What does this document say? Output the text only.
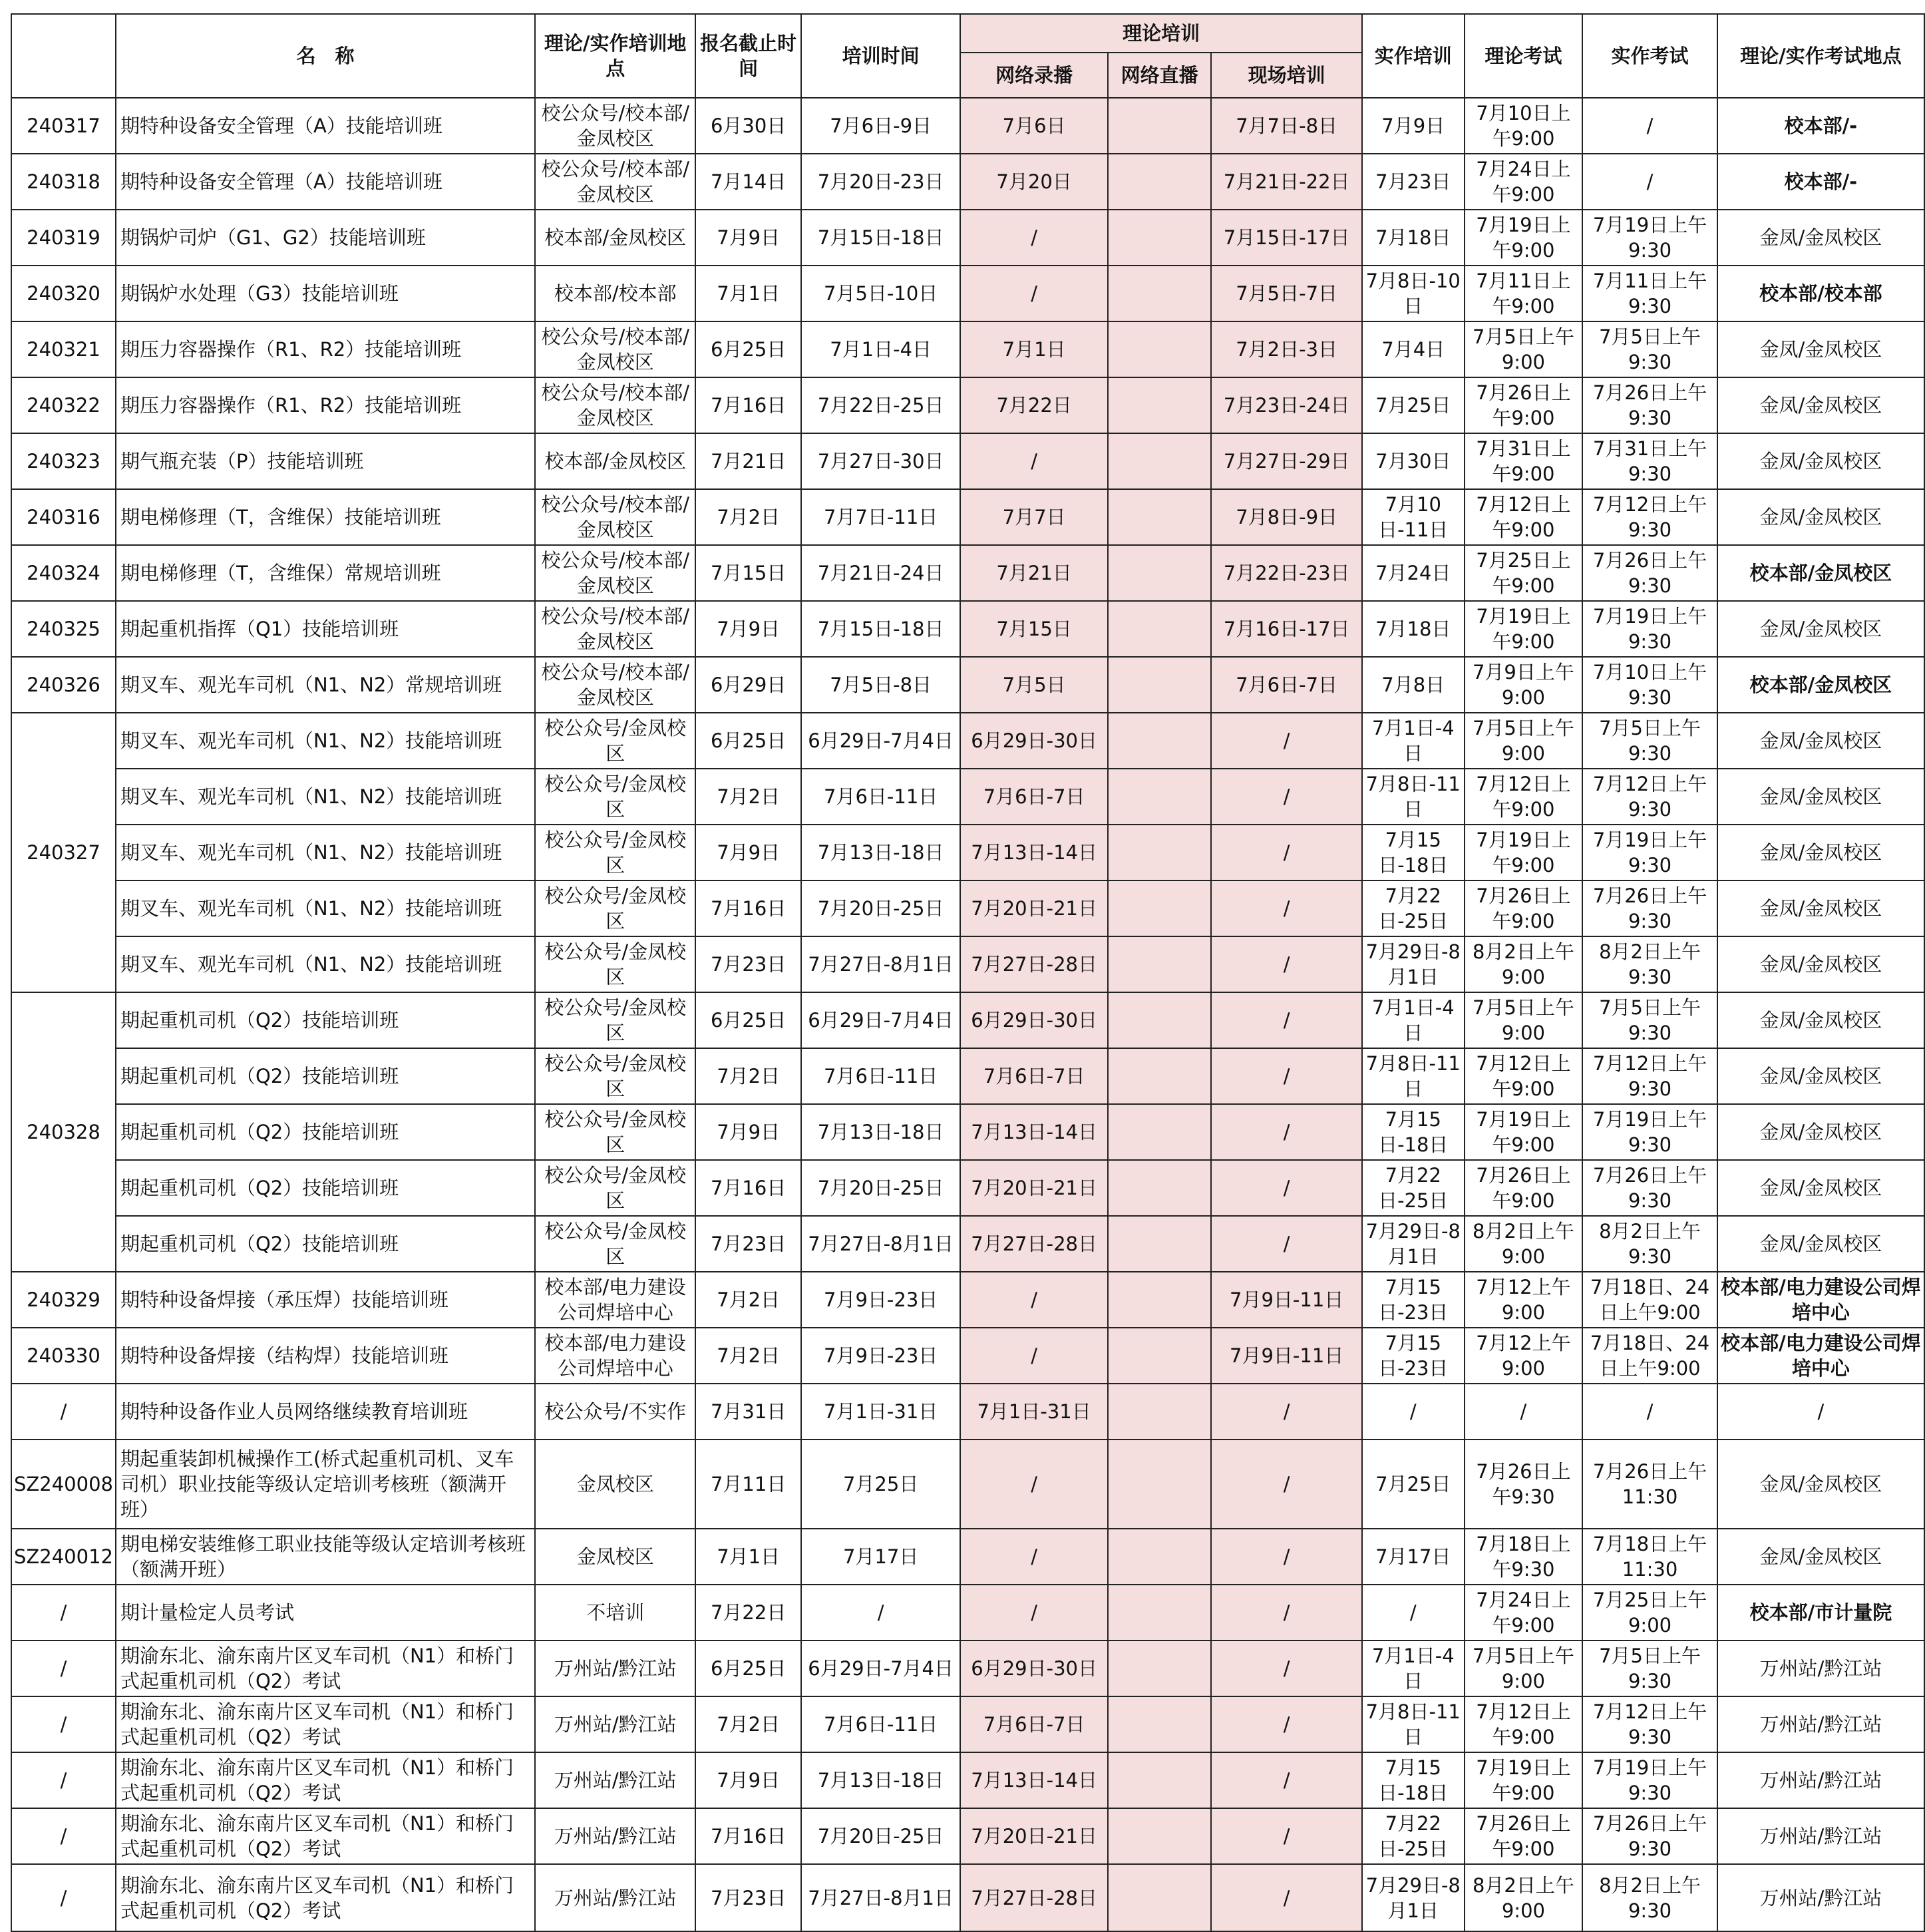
	名　称	理论/实作培训地点	报名截止时间	培训时间	理论培训			实作培训	理论考试	实作考试	理论/实作考试地点
					网络录播	网络直播	现场培训				
240317	期特种设备安全管理（A）技能培训班	校公众号/校本部/金凤校区	6月30日	7月6日-9日	7月6日		7月7日-8日	7月9日	7月10日上午9:00	/	校本部/-
240318	期特种设备安全管理（A）技能培训班	校公众号/校本部/金凤校区	7月14日	7月20日-23日	7月20日		7月21日-22日	7月23日	7月24日上午9:00	/	校本部/-
240319	期锅炉司炉（G1、G2）技能培训班	校本部/金凤校区	7月9日	7月15日-18日	/		7月15日-17日	7月18日	7月19日上午9:00	7月19日上午9:30	金凤/金凤校区
240320	期锅炉水处理（G3）技能培训班	校本部/校本部	7月1日	7月5日-10日	/		7月5日-7日	7月8日-10日	7月11日上午9:00	7月11日上午9:30	校本部/校本部
240321	期压力容器操作（R1、R2）技能培训班	校公众号/校本部/金凤校区	6月25日	7月1日-4日	7月1日		7月2日-3日	7月4日	7月5日上午9:00	7月5日上午9:30	金凤/金凤校区
240322	期压力容器操作（R1、R2）技能培训班	校公众号/校本部/金凤校区	7月16日	7月22日-25日	7月22日		7月23日-24日	7月25日	7月26日上午9:00	7月26日上午9:30	金凤/金凤校区
240323	期气瓶充装（P）技能培训班	校本部/金凤校区	7月21日	7月27日-30日	/		7月27日-29日	7月30日	7月31日上午9:00	7月31日上午9:30	金凤/金凤校区
240316	期电梯修理（T，含维保）技能培训班	校公众号/校本部/金凤校区	7月2日	7月7日-11日	7月7日		7月8日-9日	7月10日-11日	7月12日上午9:00	7月12日上午9:30	金凤/金凤校区
240324	期电梯修理（T，含维保）常规培训班	校公众号/校本部/金凤校区	7月15日	7月21日-24日	7月21日		7月22日-23日	7月24日	7月25日上午9:00	7月26日上午9:30	校本部/金凤校区
240325	期起重机指挥（Q1）技能培训班	校公众号/校本部/金凤校区	7月9日	7月15日-18日	7月15日		7月16日-17日	7月18日	7月19日上午9:00	7月19日上午9:30	金凤/金凤校区
240326	期叉车、观光车司机（N1、N2）常规培训班	校公众号/校本部/金凤校区	6月29日	7月5日-8日	7月5日		7月6日-7日	7月8日	7月9日上午9:00	7月10日上午9:30	校本部/金凤校区
240327	期叉车、观光车司机（N1、N2）技能培训班	校公众号/金凤校区	6月25日	6月29日-7月4日	6月29日-30日		/	7月1日-4日	7月5日上午9:00	7月5日上午9:30	金凤/金凤校区
	期叉车、观光车司机（N1、N2）技能培训班	校公众号/金凤校区	7月2日	7月6日-11日	7月6日-7日		/	7月8日-11日	7月12日上午9:00	7月12日上午9:30	金凤/金凤校区
	期叉车、观光车司机（N1、N2）技能培训班	校公众号/金凤校区	7月9日	7月13日-18日	7月13日-14日		/	7月15日-18日	7月19日上午9:00	7月19日上午9:30	金凤/金凤校区
	期叉车、观光车司机（N1、N2）技能培训班	校公众号/金凤校区	7月16日	7月20日-25日	7月20日-21日		/	7月22日-25日	7月26日上午9:00	7月26日上午9:30	金凤/金凤校区
	期叉车、观光车司机（N1、N2）技能培训班	校公众号/金凤校区	7月23日	7月27日-8月1日	7月27日-28日		/	7月29日-8月1日	8月2日上午9:00	8月2日上午9:30	金凤/金凤校区
240328	期起重机司机（Q2）技能培训班	校公众号/金凤校区	6月25日	6月29日-7月4日	6月29日-30日		/	7月1日-4日	7月5日上午9:00	7月5日上午9:30	金凤/金凤校区
	期起重机司机（Q2）技能培训班	校公众号/金凤校区	7月2日	7月6日-11日	7月6日-7日		/	7月8日-11日	7月12日上午9:00	7月12日上午9:30	金凤/金凤校区
	期起重机司机（Q2）技能培训班	校公众号/金凤校区	7月9日	7月13日-18日	7月13日-14日		/	7月15日-18日	7月19日上午9:00	7月19日上午9:30	金凤/金凤校区
	期起重机司机（Q2）技能培训班	校公众号/金凤校区	7月16日	7月20日-25日	7月20日-21日		/	7月22日-25日	7月26日上午9:00	7月26日上午9:30	金凤/金凤校区
	期起重机司机（Q2）技能培训班	校公众号/金凤校区	7月23日	7月27日-8月1日	7月27日-28日		/	7月29日-8月1日	8月2日上午9:00	8月2日上午9:30	金凤/金凤校区
240329	期特种设备焊接（承压焊）技能培训班	校本部/电力建设公司焊培中心	7月2日	7月9日-23日	/		7月9日-11日	7月15日-23日	7月12上午9:00	7月18日、24日上午9:00	校本部/电力建设公司焊培中心
240330	期特种设备焊接（结构焊）技能培训班	校本部/电力建设公司焊培中心	7月2日	7月9日-23日	/		7月9日-11日	7月15日-23日	7月12上午9:00	7月18日、24日上午9:00	校本部/电力建设公司焊培中心
/	期特种设备作业人员网络继续教育培训班	校公众号/不实作	7月31日	7月1日-31日	7月1日-31日		/	/	/	/	/
SZ240008	期起重装卸机械操作工(桥式起重机司机、叉车司机）职业技能等级认定培训考核班（额满开班）	金凤校区	7月11日	7月25日	/		/	7月25日	7月26日上午9:30	7月26日上午11:30	金凤/金凤校区
SZ240012	期电梯安装维修工职业技能等级认定培训考核班（额满开班）	金凤校区	7月1日	7月17日	/		/	7月17日	7月18日上午9:30	7月18日上午11:30	金凤/金凤校区
/	期计量检定人员考试	不培训	7月22日	/	/		/	/	7月24日上午9:00	7月25日上午9:00	校本部/市计量院
/	期渝东北、渝东南片区叉车司机（N1）和桥门式起重机司机（Q2）考试	万州站/黔江站	6月25日	6月29日-7月4日	6月29日-30日		/	7月1日-4日	7月5日上午9:00	7月5日上午9:30	万州站/黔江站
/	期渝东北、渝东南片区叉车司机（N1）和桥门式起重机司机（Q2）考试	万州站/黔江站	7月2日	7月6日-11日	7月6日-7日		/	7月8日-11日	7月12日上午9:00	7月12日上午9:30	万州站/黔江站
/	期渝东北、渝东南片区叉车司机（N1）和桥门式起重机司机（Q2）考试	万州站/黔江站	7月9日	7月13日-18日	7月13日-14日		/	7月15日-18日	7月19日上午9:00	7月19日上午9:30	万州站/黔江站
/	期渝东北、渝东南片区叉车司机（N1）和桥门式起重机司机（Q2）考试	万州站/黔江站	7月16日	7月20日-25日	7月20日-21日		/	7月22日-25日	7月26日上午9:00	7月26日上午9:30	万州站/黔江站
/	期渝东北、渝东南片区叉车司机（N1）和桥门式起重机司机（Q2）考试	万州站/黔江站	7月23日	7月27日-8月1日	7月27日-28日		/	7月29日-8月1日	8月2日上午9:00	8月2日上午9:30	万州站/黔江站
